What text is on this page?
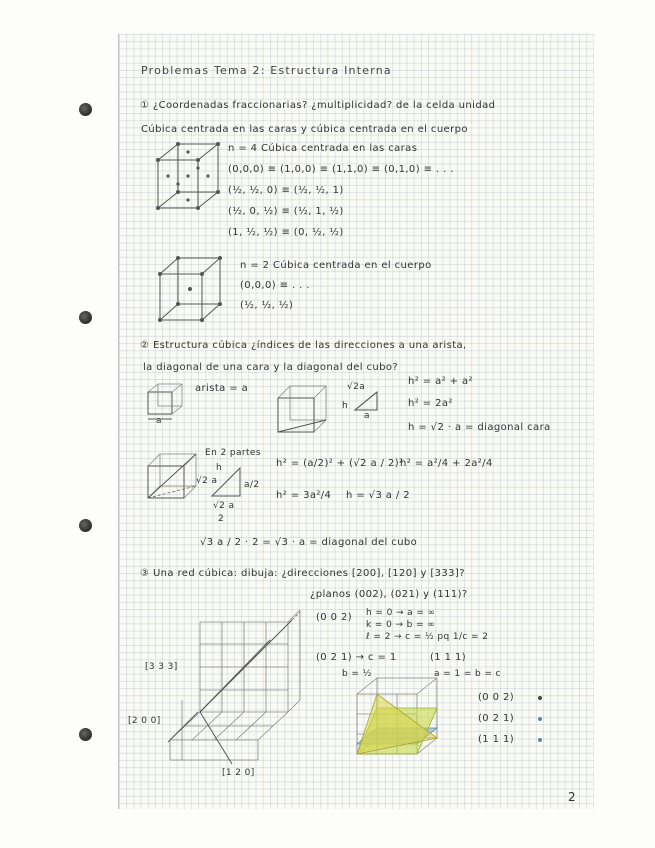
Problemas Tema 2: Estructura Interna
① ¿Coordenadas fraccionarias? ¿multiplicidad? de la celda unidad
Cúbica centrada en las caras y cúbica centrada en el cuerpo
n = 4 Cúbica centrada en las caras
(0,0,0) ≡ (1,0,0) ≡ (1,1,0) ≡ (0,1,0) ≡ . . .
(½, ½, 0) ≡ (½, ½, 1)
(½, 0, ½) ≡ (½, 1, ½)
(1, ½, ½) ≡ (0, ½, ½)
n = 2 Cúbica centrada en el cuerpo
(0,0,0) ≡ . . .
(½, ½, ½)
② Estructura cúbica ¿índices de las direcciones a una arista,
la diagonal de una cara y la diagonal del cubo?
arista = a
a	a
h
√2a	h² = a² + a²
h² = 2a²
h = √2 · a = diagonal cara
En 2 partes
h
√2 a	a/2
√2 a
2
h² = (a/2)² + (√2 a / 2)²
h² = a²/4 + 2a²/4
h² = 3a²/4 h = √3 a / 2
√3 a / 2 · 2 = √3 · a = diagonal del cubo
③ Una red cúbica: dibuja: ¿direcciones [200], [120] y [333]?
¿planos (002), (021) y (111)?
(0 0 2) h = 0 → a = ∞
k = 0 → b = ∞
ℓ = 2 → c = ½ pq 1/c = 2
(0 2 1) → c = 1
b = ½
(1 1 1)
a = 1 = b = c
[3 3 3]
[2 0 0]
[1 2 0]
(0 0 2)
(0 2 1)
(1 1 1)
2
